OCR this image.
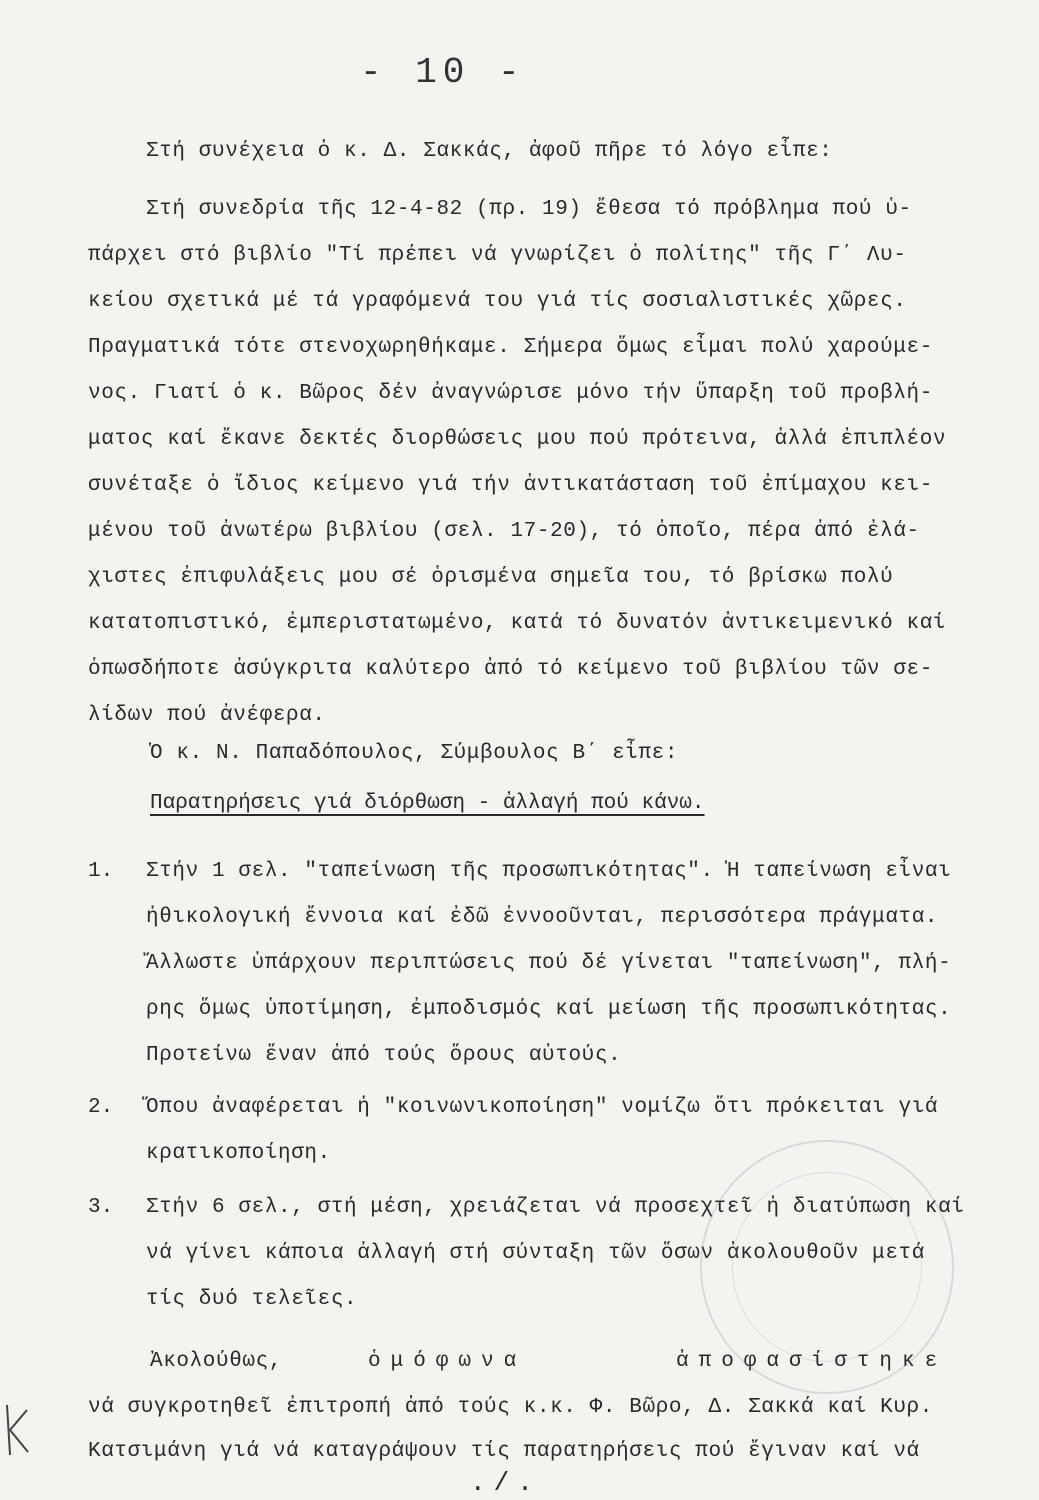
- 10 -
Στή συνέχεια ὁ κ. Δ. Σακκάς, ἀφοῦ πῆρε τό λόγο εἶπε:
Στή συνεδρία τῆς 12-4-82 (πρ. 19) ἔθεσα τό πρόβλημα πού ὑ-
πάρχει στό βιβλίο "Τί πρέπει νά γνωρίζει ὁ πολίτης" τῆς Γ΄ Λυ-
κείου σχετικά μέ τά γραφόμενά του γιά τίς σοσιαλιστικές χῶρες.
Πραγματικά τότε στενοχωρηθήκαμε. Σήμερα ὅμως εἶμαι πολύ χαρούμε-
νος. Γιατί ὁ κ. Βῶρος δέν ἀναγνώρισε μόνο τήν ὕπαρξη τοῦ προβλή-
ματος καί ἔκανε δεκτές διορθώσεις μου πού πρότεινα, ἀλλά ἐπιπλέον
συνέταξε ὁ ἴδιος κείμενο γιά τήν ἀντικατάσταση τοῦ ἐπίμαχου κει-
μένου τοῦ ἀνωτέρω βιβλίου (σελ. 17-20), τό ὁποῖο, πέρα ἀπό ἐλά-
χιστες ἐπιφυλάξεις μου σέ ὁρισμένα σημεῖα του, τό βρίσκω πολύ
κατατοπιστικό, ἐμπεριστατωμένο, κατά τό δυνατόν ἀντικειμενικό καί
ὁπωσδήποτε ἀσύγκριτα καλύτερο ἀπό τό κείμενο τοῦ βιβλίου τῶν σε-
λίδων πού ἀνέφερα.
Ὁ κ. Ν. Παπαδόπουλος, Σύμβουλος Β΄ εἶπε:
Παρατηρήσεις γιά διόρθωση - ἀλλαγή πού κάνω.
1. Στήν 1 σελ. "ταπείνωση τῆς προσωπικότητας". Ἡ ταπείνωση εἶναι
ἠθικολογική ἔννοια καί ἐδῶ ἐννοοῦνται, περισσότερα πράγματα.
Ἄλλωστε ὑπάρχουν περιπτώσεις πού δέ γίνεται "ταπείνωση", πλή-
ρης ὅμως ὑποτίμηση, ἐμποδισμός καί μείωση τῆς προσωπικότητας.
Προτείνω ἕναν ἀπό τούς ὅρους αὐτούς.
2. Ὅπου ἀναφέρεται ἡ "κοινωνικοποίηση" νομίζω ὅτι πρόκειται γιά
κρατικοποίηση.
3. Στήν 6 σελ., στή μέση, χρειάζεται νά προσεχτεῖ ἡ διατύπωση καί
νά γίνει κάποια ἀλλαγή στή σύνταξη τῶν ὅσων ἀκολουθοῦν μετά
τίς δυό τελεῖες.
Ἀκολούθως,	ὁμόφωνα	ἀποφασίστηκε
νά συγκροτηθεῖ ἐπιτροπή ἀπό τούς κ.κ. Φ. Βῶρο, Δ. Σακκά καί Κυρ.
Κατσιμάνη γιά νά καταγράψουν τίς παρατηρήσεις πού ἔγιναν καί νά
./.
